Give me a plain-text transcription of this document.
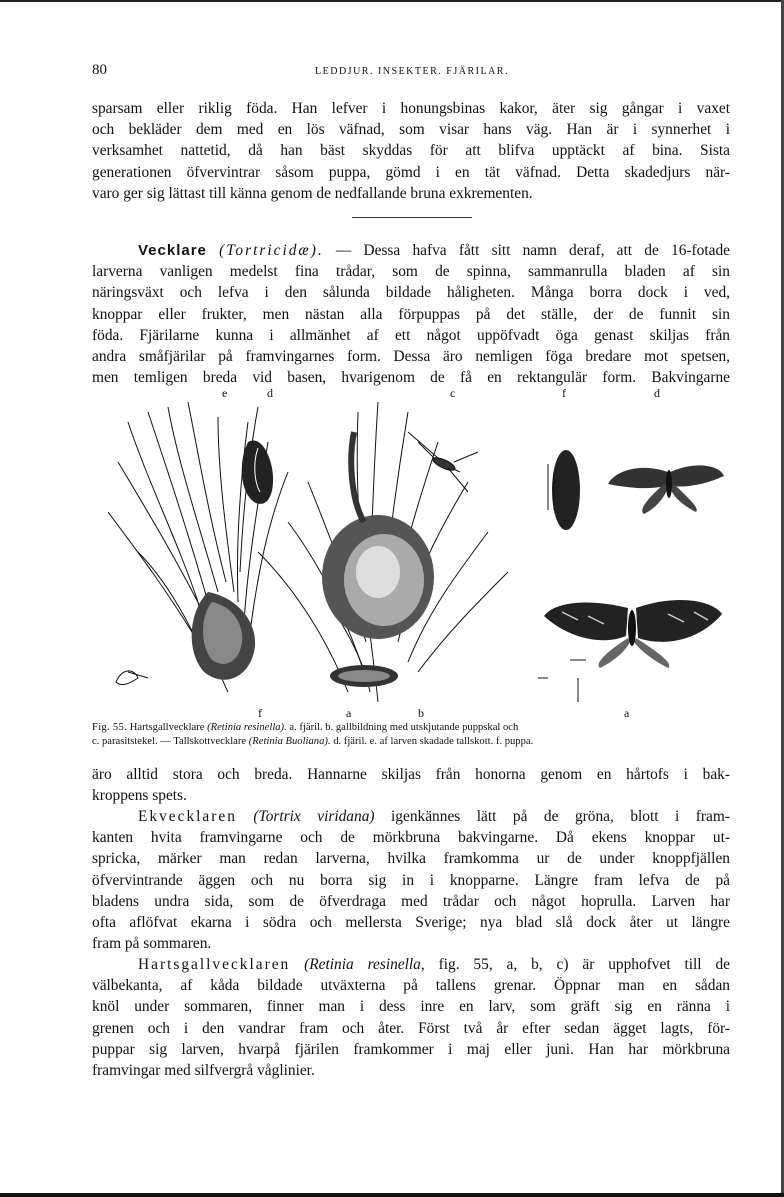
80	LEDDJUR. INSEKTER. FJÄRILAR.
sparsam eller riklig föda. Han lefver i honungsbinas kakor, äter sig gångar i vaxet
och bekläder dem med en lös väfnad, som visar hans väg. Han är i synnerhet i
verksamhet nattetid, då han bäst skyddas för att blifva upptäckt af bina. Sista
generationen öfvervintrar såsom puppa, gömd i en tät väfnad. Detta skadedjurs när-
varo ger sig lättast till känna genom de nedfallande bruna exkrementen.
Vecklare (Tortricidæ). — Dessa hafva fått sitt namn deraf, att de 16-fotade
larverna vanligen medelst fina trådar, som de spinna, sammanrulla bladen af sin
näringsväxt och lefva i den sålunda bildade håligheten. Många borra dock i ved,
knoppar eller frukter, men nästan alla förpuppas på det ställe, der de funnit sin
föda. Fjärilarne kunna i allmänhet af ett något uppöfvadt öga genast skiljas från
andra småfjärilar på framvingarnes form. Dessa äro nemligen föga bredare mot spetsen,
men temligen breda vid basen, hvarigenom de få en rektangulär form. Bakvingarne
e	d	c	f	d
f	a	b	a
Fig. 55. Hartsgallvecklare (Retinia resinella). a. fjäril. b. gallbildning med utskjutande puppskal och
c. parasitstekel. — Tallskottvecklare (Retinia Buoliana). d. fjäril. e. af larven skadade tallskott. f. puppa.
äro alltid stora och breda. Hannarne skiljas från honorna genom en hårtofs i bak-
kroppens spets.
Ekvecklaren (Tortrix viridana) igenkännes lätt på de gröna, blott i fram-
kanten hvita framvingarne och de mörkbruna bakvingarne. Då ekens knoppar ut-
spricka, märker man redan larverna, hvilka framkomma ur de under knoppfjällen
öfvervintrande äggen och nu borra sig in i knopparne. Längre fram lefva de på
bladens undra sida, som de öfverdraga med trådar och något hoprulla. Larven har
ofta aflöfvat ekarna i södra och mellersta Sverige; nya blad slå dock åter ut längre
fram på sommaren.
Hartsgallvecklaren (Retinia resinella, fig. 55, a, b, c) är upphofvet till de
välbekanta, af kåda bildade utväxterna på tallens grenar. Öppnar man en sådan
knöl under sommaren, finner man i dess inre en larv, som gräft sig en ränna i
grenen och i den vandrar fram och åter. Först två år efter sedan ägget lagts, för-
puppar sig larven, hvarpå fjärilen framkommer i maj eller juni. Han har mörkbruna
framvingar med silfvergrå våglinier.
